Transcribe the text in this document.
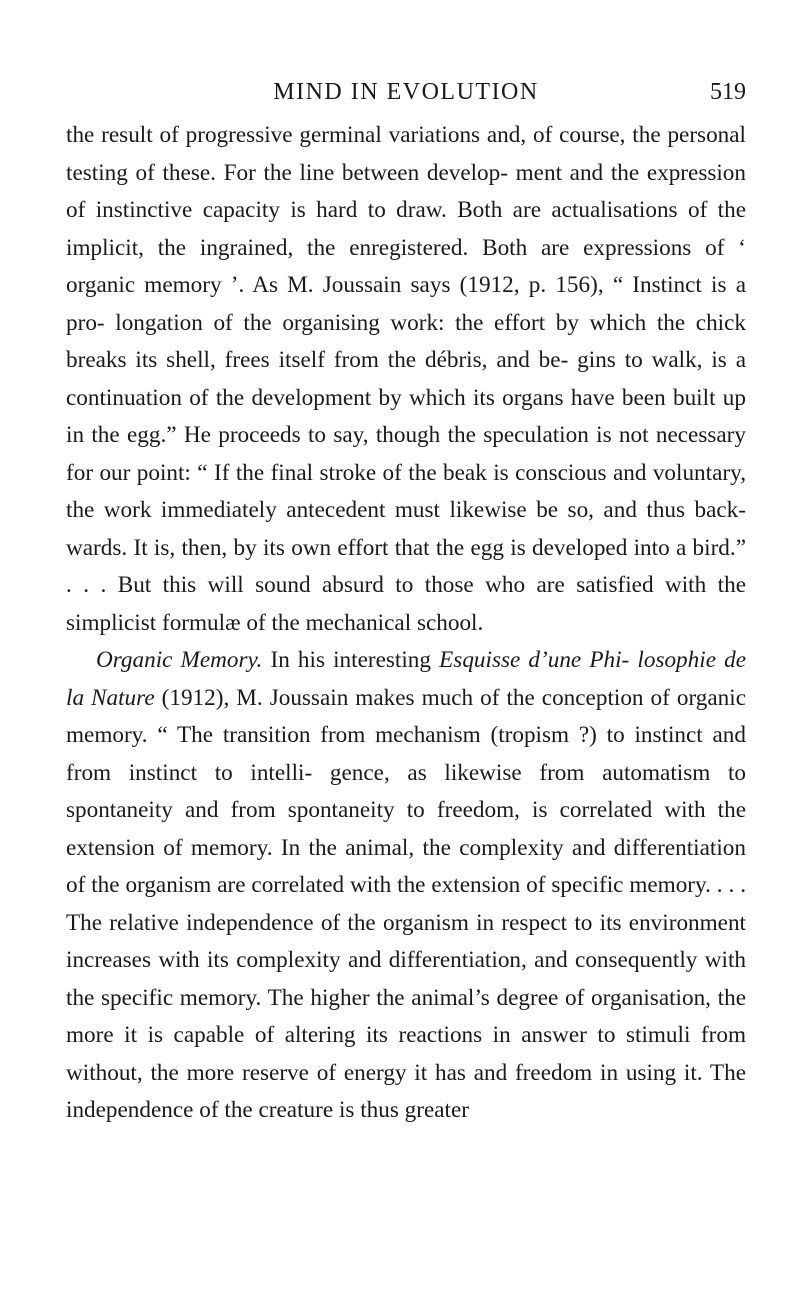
MIND IN EVOLUTION	519

the result of progressive germinal variations and, of course, the personal testing of these. For the line between develop- ment and the expression of instinctive capacity is hard to draw. Both are actualisations of the implicit, the ingrained, the enregistered. Both are expressions of ‘ organic memory ’. As M. Joussain says (1912, p. 156), “ Instinct is a pro- longation of the organising work: the effort by which the chick breaks its shell, frees itself from the débris, and be- gins to walk, is a continuation of the development by which its organs have been built up in the egg.” He proceeds to say, though the speculation is not necessary for our point: “ If the final stroke of the beak is conscious and voluntary, the work immediately antecedent must likewise be so, and thus back- wards. It is, then, by its own effort that the egg is developed into a bird.” . . . But this will sound absurd to those who are satisfied with the simplicist formulæ of the mechanical school.

Organic Memory. In his interesting Esquisse d’une Phi- losophie de la Nature (1912), M. Joussain makes much of the conception of organic memory. “ The transition from mechanism (tropism ?) to instinct and from instinct to intelli- gence, as likewise from automatism to spontaneity and from spontaneity to freedom, is correlated with the extension of memory. In the animal, the complexity and differentiation of the organism are correlated with the extension of specific memory. . . . The relative independence of the organism in respect to its environment increases with its complexity and differentiation, and consequently with the specific memory. The higher the animal’s degree of organisation, the more it is capable of altering its reactions in answer to stimuli from without, the more reserve of energy it has and freedom in using it. The independence of the creature is thus greater
